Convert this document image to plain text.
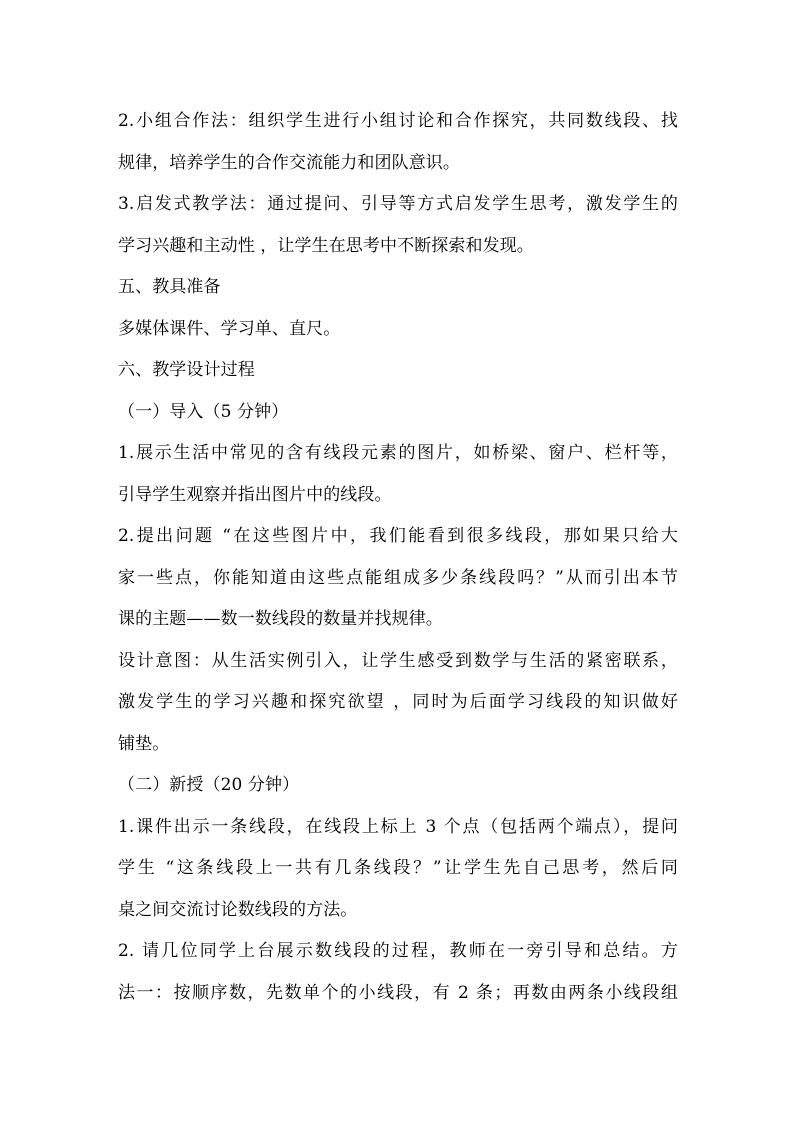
2.小组合作法：组织学生进行小组讨论和合作探究，共同数线段、找
规律，培养学生的合作交流能力和团队意识。
3.启发式教学法：通过提问、引导等方式启发学生思考，激发学生的
学习兴趣和主动性 ，让学生在思考中不断探索和发现。
五、教具准备
多媒体课件、学习单、直尺。
六、教学设计过程
（一）导入（5 分钟）
1.展示生活中常见的含有线段元素的图片，如桥梁、窗户、栏杆等，
引导学生观察并指出图片中的线段。
2.提出问题 “在这些图片中，我们能看到很多线段，那如果只给大
家一些点，你能知道由这些点能组成多少条线段吗？”从而引出本节
课的主题——数一数线段的数量并找规律。
设计意图：从生活实例引入，让学生感受到数学与生活的紧密联系，
激发学生的学习兴趣和探究欲望 ，同时为后面学习线段的知识做好
铺垫。
（二）新授（20 分钟）
1.课件出示一条线段，在线段上标上 3 个点（包括两个端点），提问
学生 “这条线段上一共有几条线段？”让学生先自己思考，然后同
桌之间交流讨论数线段的方法。
2. 请几位同学上台展示数线段的过程，教师在一旁引导和总结。方
法一：按顺序数，先数单个的小线段，有 2 条；再数由两条小线段组
